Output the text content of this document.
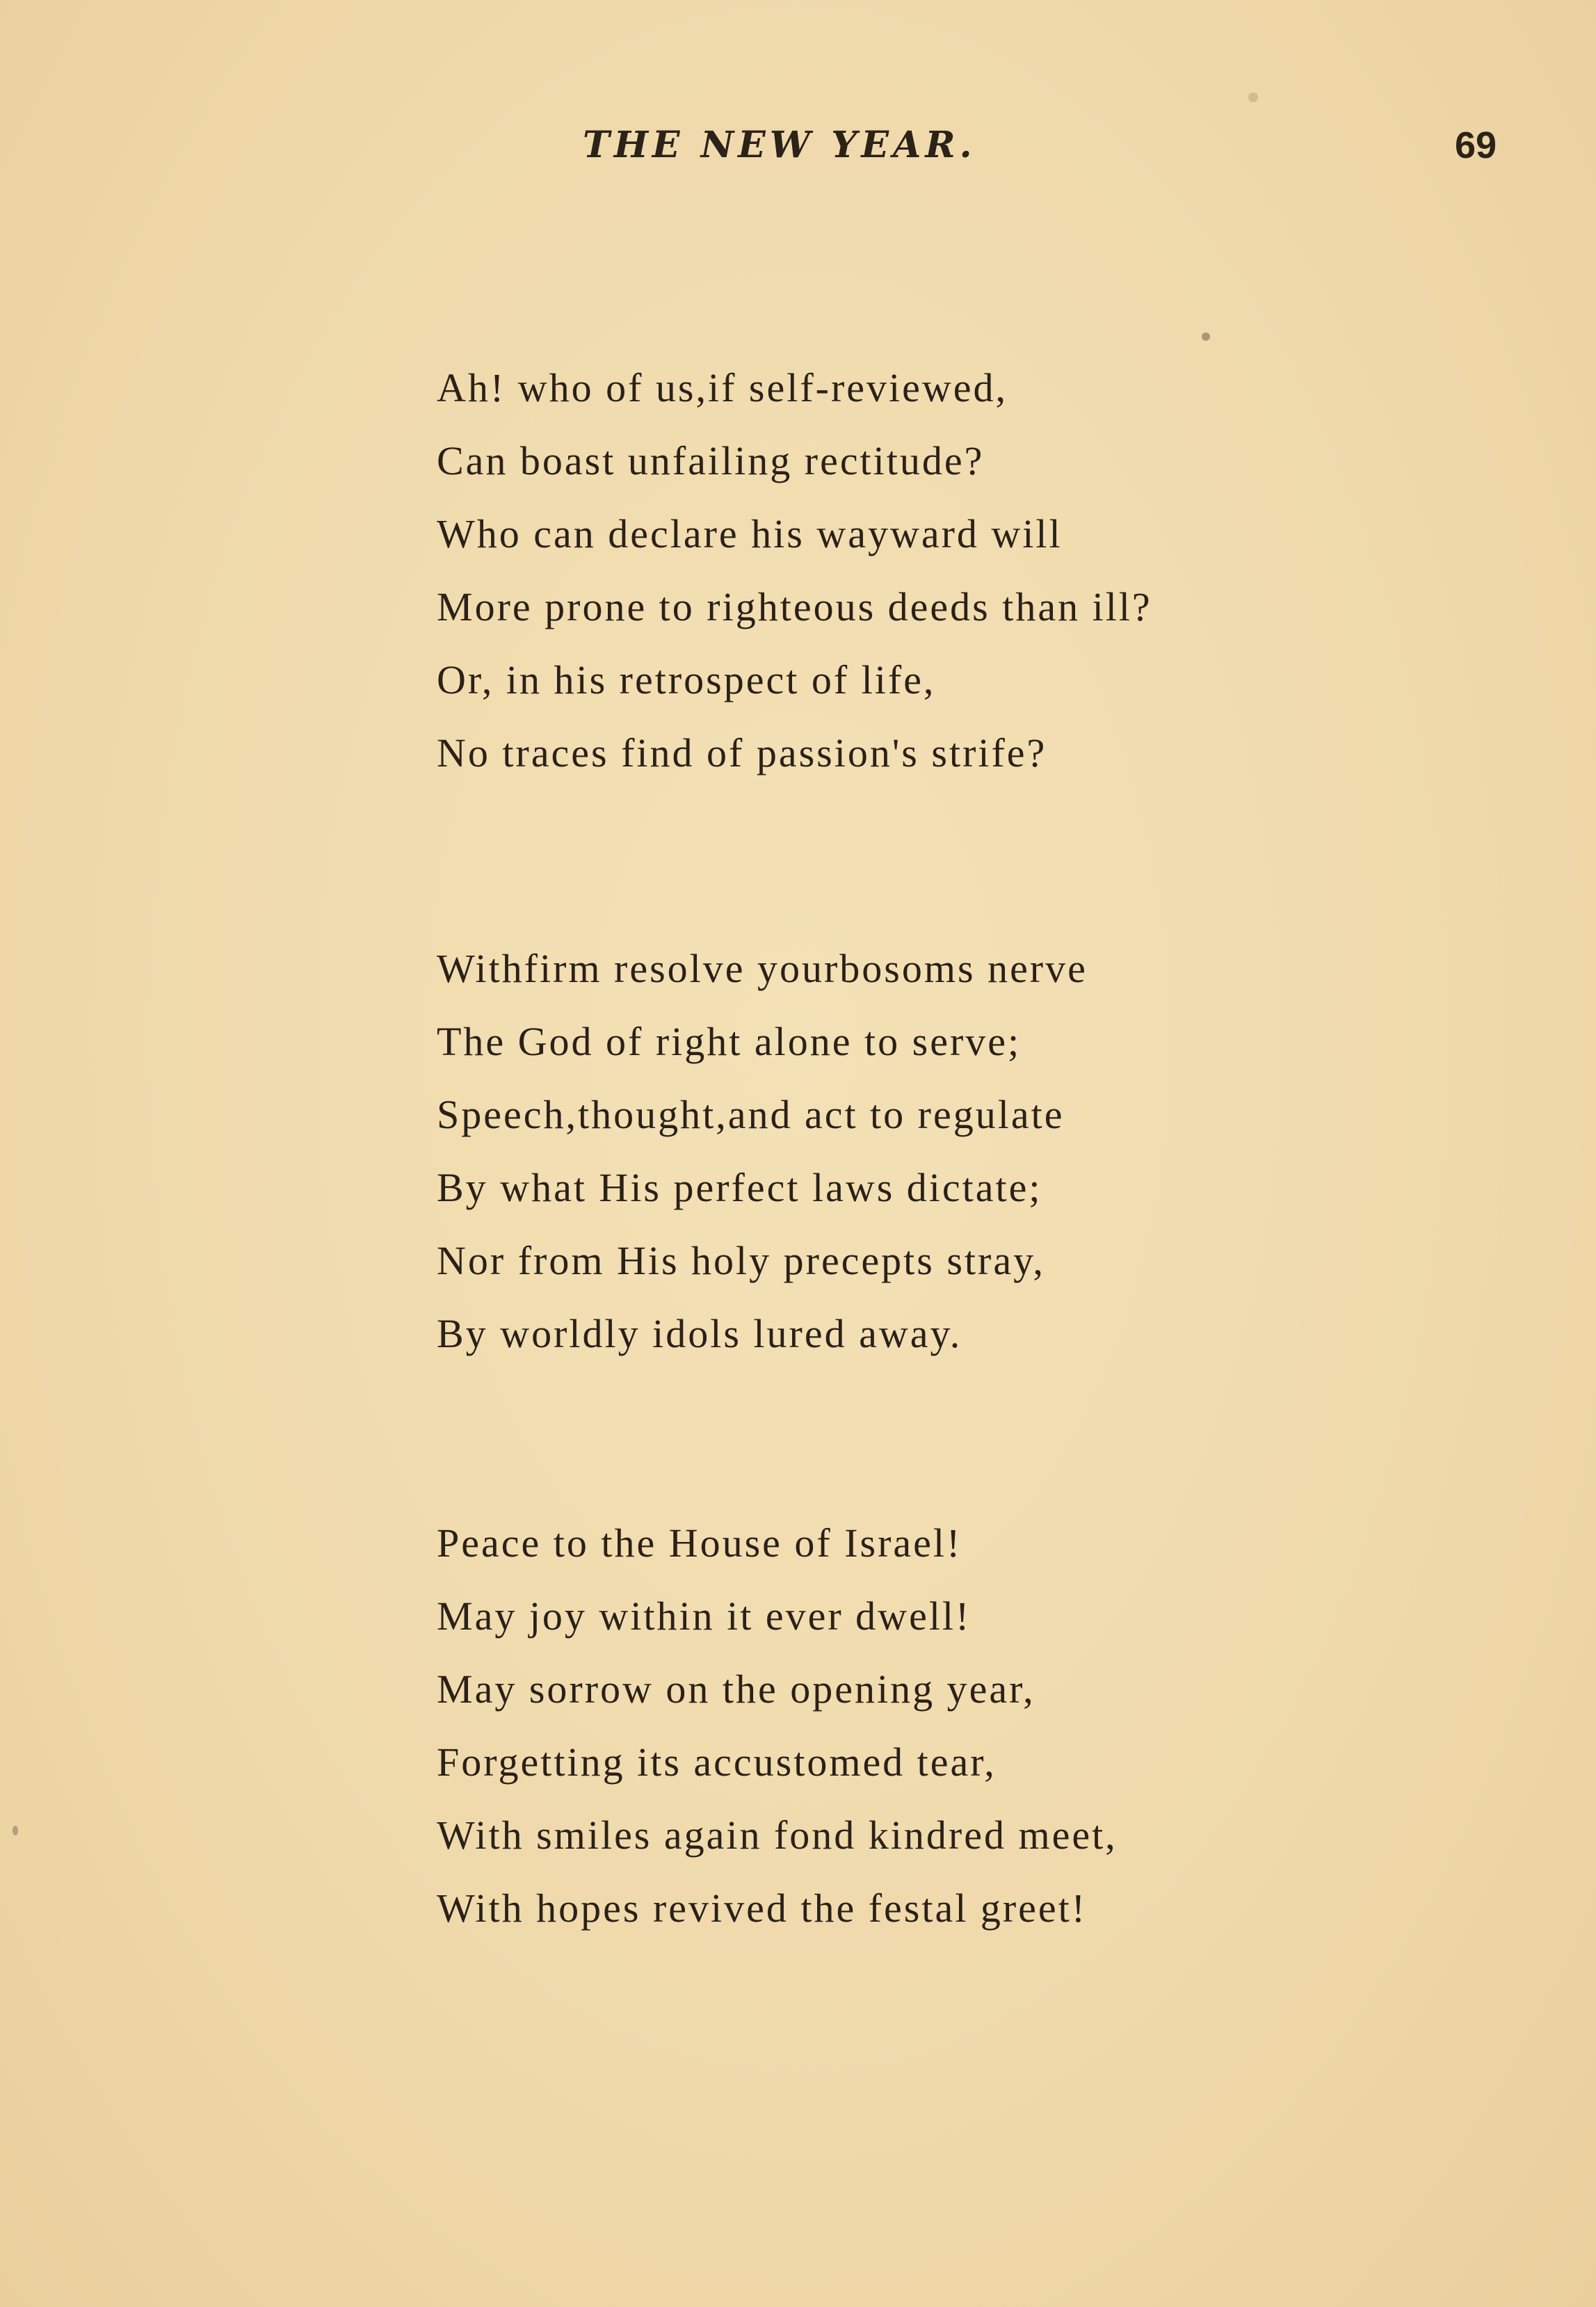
THE NEW YEAR.	69
Ah! who of us,if self-reviewed,
Can boast unfailing rectitude?
Who can declare his wayward will
More prone to righteous deeds than ill?
Or, in his retrospect of life,
No traces find of passion's strife?
Withfirm resolve yourbosoms nerve
The God of right alone to serve;
Speech,thought,and act to regulate
By what His perfect laws dictate;
Nor from His holy precepts stray,
By worldly idols lured away.
Peace to the House of Israel!
May joy within it ever dwell!
May sorrow on the opening year,
Forgetting its accustomed tear,
With smiles again fond kindred meet,
With hopes revived the festal greet!
